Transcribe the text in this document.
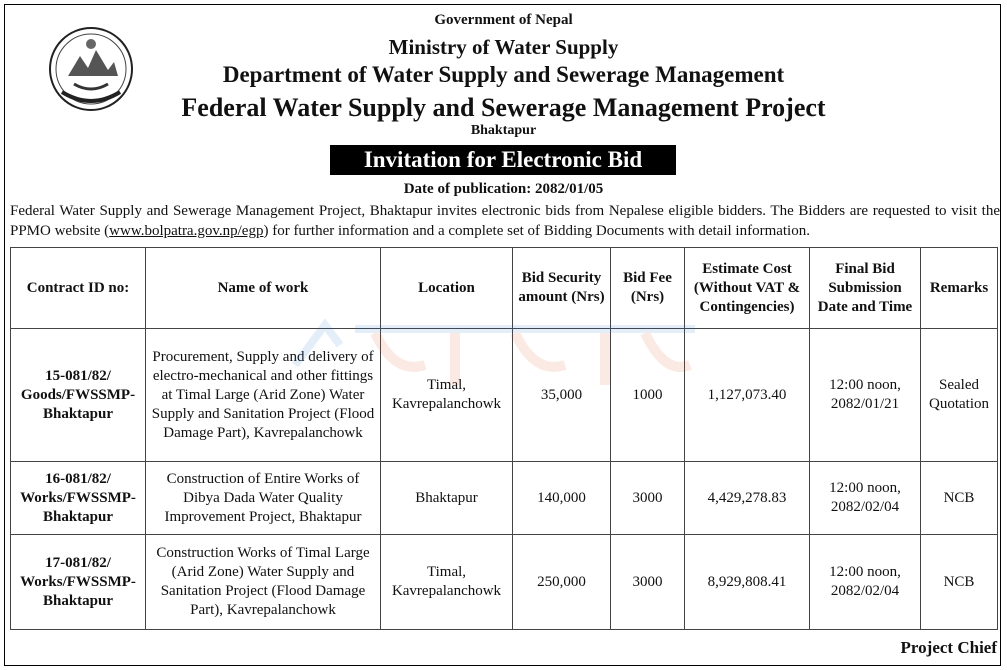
Government of Nepal
Ministry of Water Supply
Department of Water Supply and Sewerage Management
Federal Water Supply and Sewerage Management Project
Bhaktapur
Invitation for Electronic Bid
Date of publication: 2082/01/05
Federal Water Supply and Sewerage Management Project, Bhaktapur invites electronic bids from Nepalese eligible bidders. The Bidders are requested to visit the PPMO website (www.bolpatra.gov.np/egp) for further information and a complete set of Bidding Documents with detail information.
Contract ID no:	Name of work	Location	Bid Security amount (Nrs)	Bid Fee (Nrs)	Estimate Cost (Without VAT & Contingencies)	Final Bid Submission Date and Time	Remarks
15-081/82/ Goods/FWSSMP-Bhaktapur	Procurement, Supply and delivery of electro-mechanical and other fittings at Timal Large (Arid Zone) Water Supply and Sanitation Project (Flood Damage Part), Kavrepalanchowk	Timal, Kavrepalanchowk	35,000	1000	1,127,073.40	12:00 noon, 2082/01/21	Sealed Quotation
16-081/82/ Works/FWSSMP-Bhaktapur	Construction of Entire Works of Dibya Dada Water Quality Improvement Project, Bhaktapur	Bhaktapur	140,000	3000	4,429,278.83	12:00 noon, 2082/02/04	NCB
17-081/82/ Works/FWSSMP-Bhaktapur	Construction Works of Timal Large (Arid Zone) Water Supply and Sanitation Project (Flood Damage Part), Kavrepalanchowk	Timal, Kavrepalanchowk	250,000	3000	8,929,808.41	12:00 noon, 2082/02/04	NCB
Project Chief
